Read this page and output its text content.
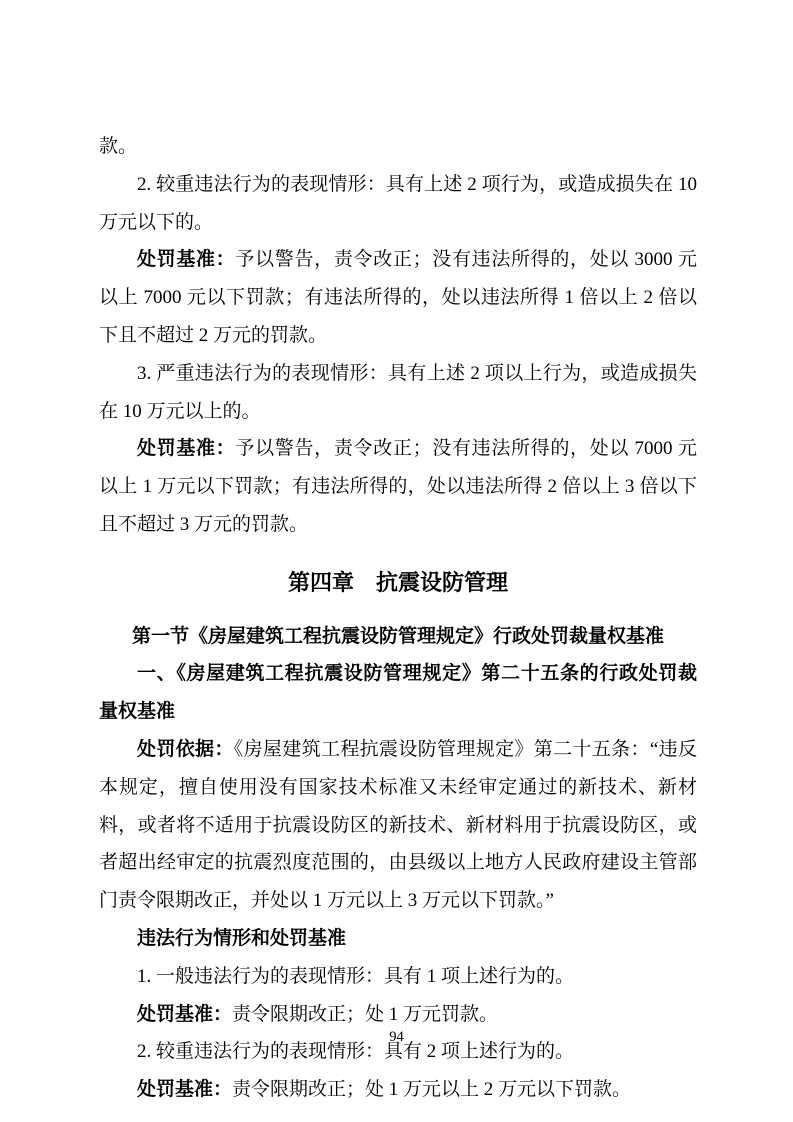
款。

2. 较重违法行为的表现情形：具有上述 2 项行为，或造成损失在 10 万元以下的。

处罚基准：予以警告，责令改正；没有违法所得的，处以 3000 元以上 7000 元以下罚款；有违法所得的，处以违法所得 1 倍以上 2 倍以下且不超过 2 万元的罚款。

3. 严重违法行为的表现情形：具有上述 2 项以上行为，或造成损失在 10 万元以上的。

处罚基准：予以警告，责令改正；没有违法所得的，处以 7000 元以上 1 万元以下罚款；有违法所得的，处以违法所得 2 倍以上 3 倍以下且不超过 3 万元的罚款。

第四章　抗震设防管理

第一节《房屋建筑工程抗震设防管理规定》行政处罚裁量权基准

一、《房屋建筑工程抗震设防管理规定》第二十五条的行政处罚裁量权基准

处罚依据：《房屋建筑工程抗震设防管理规定》第二十五条：“违反本规定，擅自使用没有国家技术标准又未经审定通过的新技术、新材料，或者将不适用于抗震设防区的新技术、新材料用于抗震设防区，或者超出经审定的抗震烈度范围的，由县级以上地方人民政府建设主管部门责令限期改正，并处以 1 万元以上 3 万元以下罚款。”

违法行为情形和处罚基准

1. 一般违法行为的表现情形：具有 1 项上述行为的。

处罚基准：责令限期改正；处 1 万元罚款。

2. 较重违法行为的表现情形：具有 2 项上述行为的。

处罚基准：责令限期改正；处 1 万元以上 2 万元以下罚款。

94
